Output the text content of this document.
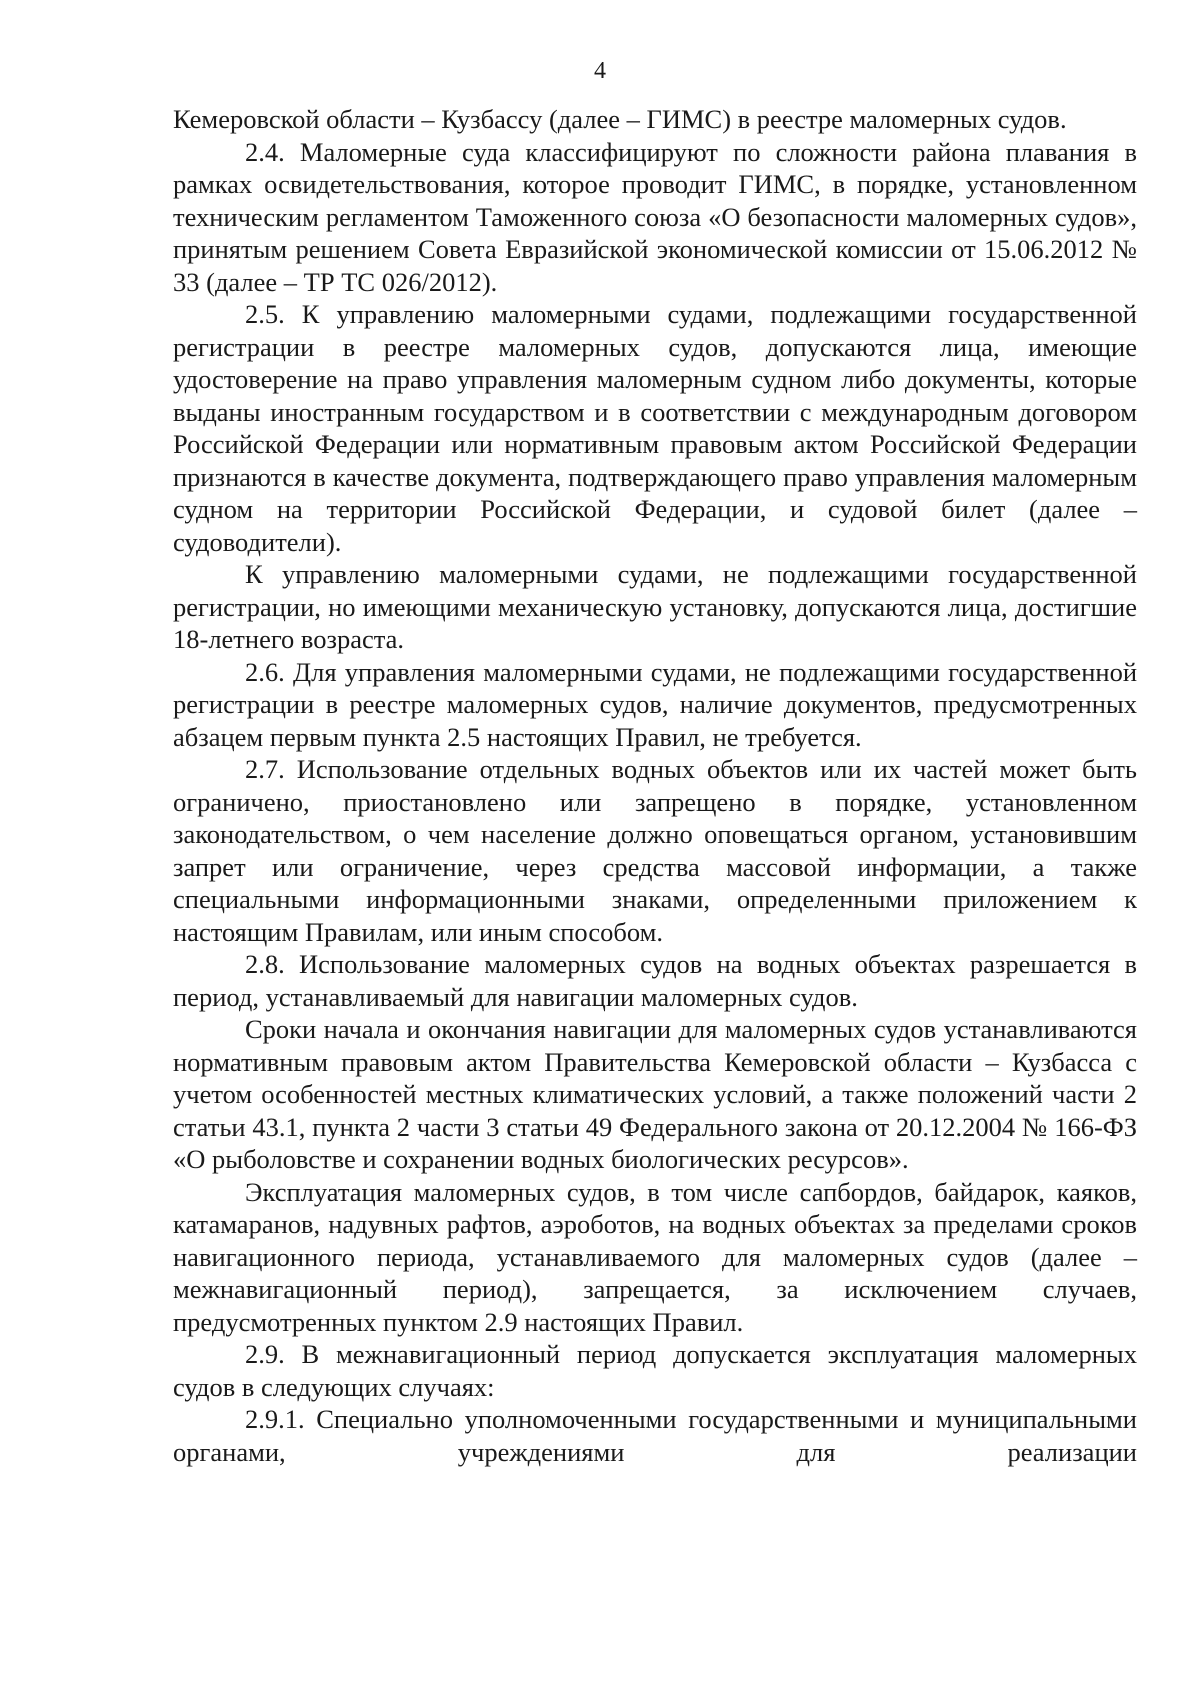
4

Кемеровской области – Кузбассу (далее – ГИМС) в реестре маломерных судов.

2.4. Маломерные суда классифицируют по сложности района плавания в рамках освидетельствования, которое проводит ГИМС, в порядке, установленном техническим регламентом Таможенного союза «О безопасности маломерных судов», принятым решением Совета Евразийской экономической комиссии от 15.06.2012 № 33 (далее – ТР ТС 026/2012).

2.5. К управлению маломерными судами, подлежащими государственной регистрации в реестре маломерных судов, допускаются лица, имеющие удостоверение на право управления маломерным судном либо документы, которые выданы иностранным государством и в соответствии с международным договором Российской Федерации или нормативным правовым актом Российской Федерации признаются в качестве документа, подтверждающего право управления маломерным судном на территории Российской Федерации, и судовой билет (далее – судоводители).

К управлению маломерными судами, не подлежащими государственной регистрации, но имеющими механическую установку, допускаются лица, достигшие 18-летнего возраста.

2.6. Для управления маломерными судами, не подлежащими государственной регистрации в реестре маломерных судов, наличие документов, предусмотренных абзацем первым пункта 2.5 настоящих Правил, не требуется.

2.7. Использование отдельных водных объектов или их частей может быть ограничено, приостановлено или запрещено в порядке, установленном законодательством, о чем население должно оповещаться органом, установившим запрет или ограничение, через средства массовой информации, а также специальными информационными знаками, определенными приложением к настоящим Правилам, или иным способом.

2.8. Использование маломерных судов на водных объектах разрешается в период, устанавливаемый для навигации маломерных судов.

Сроки начала и окончания навигации для маломерных судов устанавливаются нормативным правовым актом Правительства Кемеровской области – Кузбасса с учетом особенностей местных климатических условий, а также положений части 2 статьи 43.1, пункта 2 части 3 статьи 49 Федерального закона от 20.12.2004 № 166-ФЗ «О рыболовстве и сохранении водных биологических ресурсов».

Эксплуатация маломерных судов, в том числе сапбордов, байдарок, каяков, катамаранов, надувных рафтов, аэроботов, на водных объектах за пределами сроков навигационного периода, устанавливаемого для маломерных судов (далее – межнавигационный период), запрещается, за исключением случаев, предусмотренных пунктом 2.9 настоящих Правил.

2.9. В межнавигационный период допускается эксплуатация маломерных судов в следующих случаях:

2.9.1. Специально уполномоченными государственными и муниципальными органами, учреждениями для реализации
